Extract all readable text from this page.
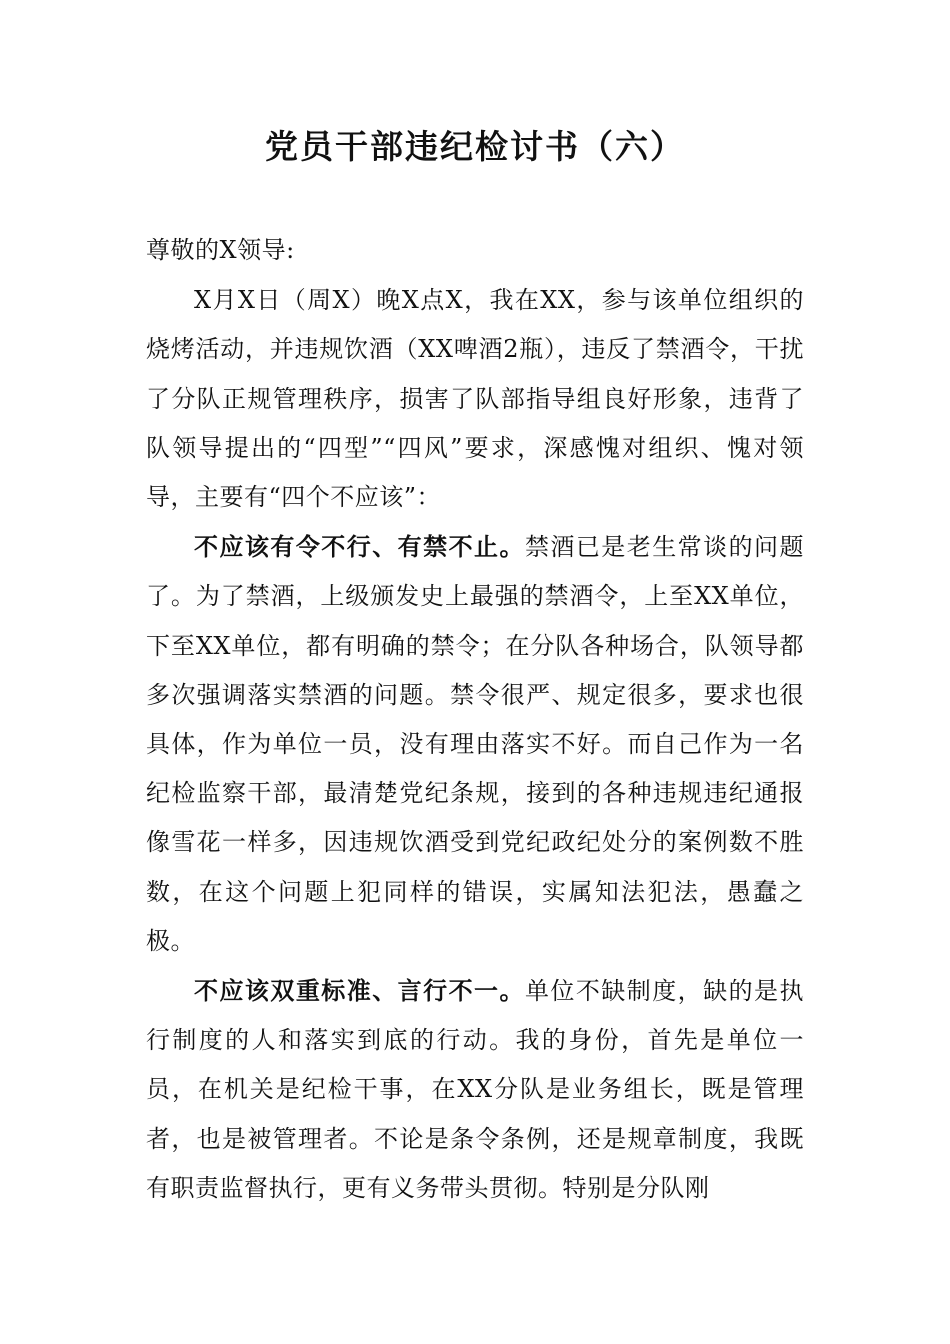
党员干部违纪检讨书（六）

尊敬的X领导:

X月X日（周X）晚X点X，我在XX，参与该单位组织的烧烤活动，并违规饮酒（XX啤酒2瓶），违反了禁酒令，干扰了分队正规管理秩序，损害了队部指导组良好形象，违背了队领导提出的“四型”“四风”要求，深感愧对组织、愧对领导，主要有“四个不应该”：

不应该有令不行、有禁不止。禁酒已是老生常谈的问题了。为了禁酒，上级颁发史上最强的禁酒令，上至XX单位，下至XX单位，都有明确的禁令；在分队各种场合，队领导都多次强调落实禁酒的问题。禁令很严、规定很多，要求也很具体，作为单位一员，没有理由落实不好。而自己作为一名纪检监察干部，最清楚党纪条规，接到的各种违规违纪通报像雪花一样多，因违规饮酒受到党纪政纪处分的案例数不胜数，在这个问题上犯同样的错误，实属知法犯法，愚蠢之极。

不应该双重标准、言行不一。单位不缺制度，缺的是执行制度的人和落实到底的行动。我的身份，首先是单位一员，在机关是纪检干事，在XX分队是业务组长，既是管理者，也是被管理者。不论是条令条例，还是规章制度，我既有职责监督执行，更有义务带头贯彻。特别是分队刚
